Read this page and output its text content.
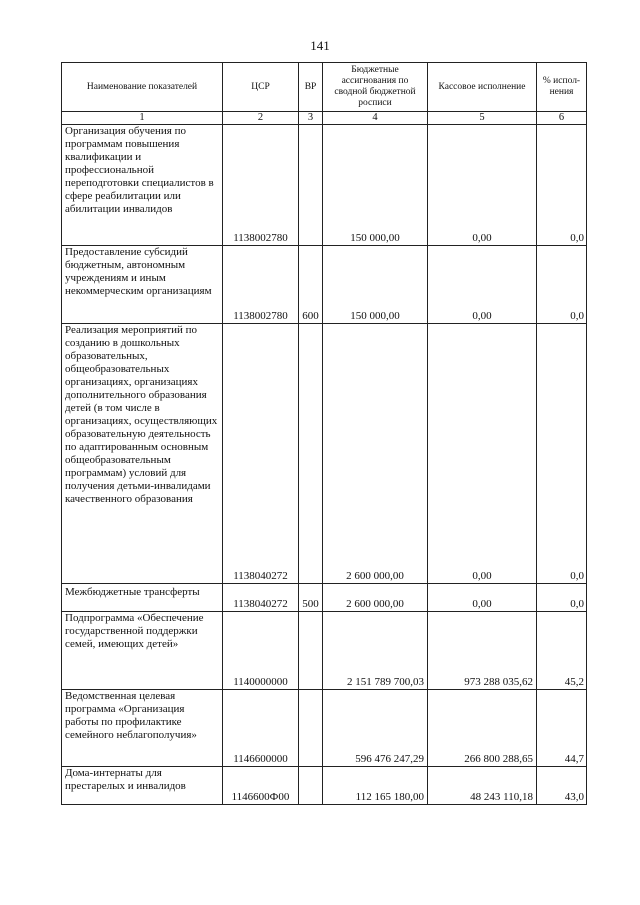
141
Наименование показателей	ЦСР	ВР	Бюджетные ассигнования по сводной бюджетной росписи	Кассовое исполнение	% испол-нения
1	2	3	4	5	6
Организация обучения по программам повышения квалификации и профессиональной переподготовки специалистов в сфере реабилитации или абилитации инвалидов	1138002780		150 000,00	0,00	0,0
Предоставление субсидий бюджетным, автономным учреждениям и иным некоммерческим организациям	1138002780	600	150 000,00	0,00	0,0
Реализация мероприятий по созданию в дошкольных образовательных, общеобразовательных организациях, организациях дополнительного образования детей (в том числе в организациях, осуществляющих образовательную деятельность по адаптированным основным общеобразовательным программам) условий для получения детьми-инвалидами качественного образования	1138040272		2 600 000,00	0,00	0,0
Межбюджетные трансферты	1138040272	500	2 600 000,00	0,00	0,0
Подпрограмма «Обеспечение государственной поддержки семей, имеющих детей»	1140000000		2 151 789 700,03	973 288 035,62	45,2
Ведомственная целевая программа «Организация работы по профилактике семейного неблагополучия»	1146600000		596 476 247,29	266 800 288,65	44,7
Дома-интернаты для престарелых и инвалидов	1146600Ф00		112 165 180,00	48 243 110,18	43,0
